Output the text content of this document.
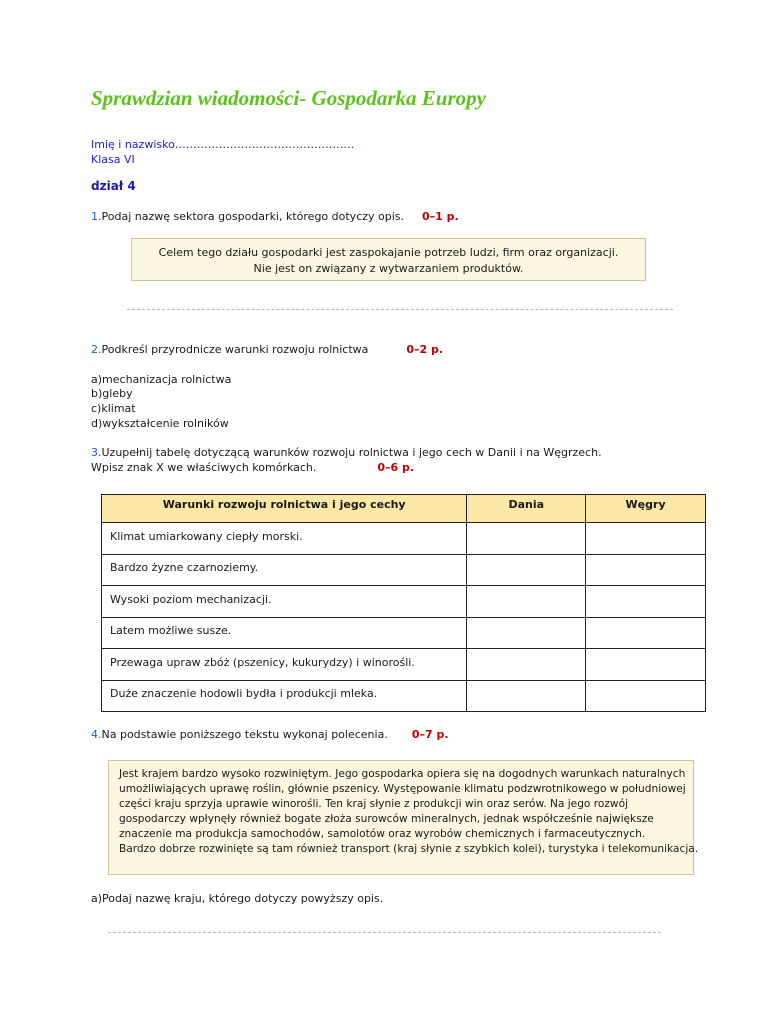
Sprawdzian wiadomości- Gospodarka Europy
Imię i nazwisko………………………………………….
Klasa VI
dział 4
1.Podaj nazwę sektora gospodarki, którego dotyczy opis. 0–1 p.
Celem tego działu gospodarki jest zaspokajanie potrzeb ludzi, firm oraz organizacji.
Nie jest on związany z wytwarzaniem produktów.
2.Podkreśl przyrodnicze warunki rozwoju rolnictwa	0–2 p.
a)mechanizacja rolnictwa
b)gleby
c)klimat
d)wykształcenie rolników
3.Uzupełnij tabelę dotyczącą warunków rozwoju rolnictwa i jego cech w Danii i na Węgrzech.
Wpisz znak X we właściwych komórkach.	0–6 p.
Warunki rozwoju rolnictwa i jego cechy	Dania	Węgry
Klimat umiarkowany ciepły morski.		
Bardzo żyzne czarnoziemy.		
Wysoki poziom mechanizacji.		
Latem możliwe susze.		
Przewaga upraw zbóż (pszenicy, kukurydzy) i winorośli.		
Duże znaczenie hodowli bydła i produkcji mleka.		
4.Na podstawie poniższego tekstu wykonaj polecenia. 0–7 p.
Jest krajem bardzo wysoko rozwiniętym. Jego gospodarka opiera się na dogodnych warunkach naturalnych
umożliwiających uprawę roślin, głównie pszenicy. Występowanie klimatu podzwrotnikowego w południowej
części kraju sprzyja uprawie winorośli. Ten kraj słynie z produkcji win oraz serów. Na jego rozwój
gospodarczy wpłynęły również bogate złoża surowców mineralnych, jednak współcześnie największe
znaczenie ma produkcja samochodów, samolotów oraz wyrobów chemicznych i farmaceutycznych.
Bardzo dobrze rozwinięte są tam również transport (kraj słynie z szybkich kolei), turystyka i telekomunikacja.
a)Podaj nazwę kraju, którego dotyczy powyższy opis.
